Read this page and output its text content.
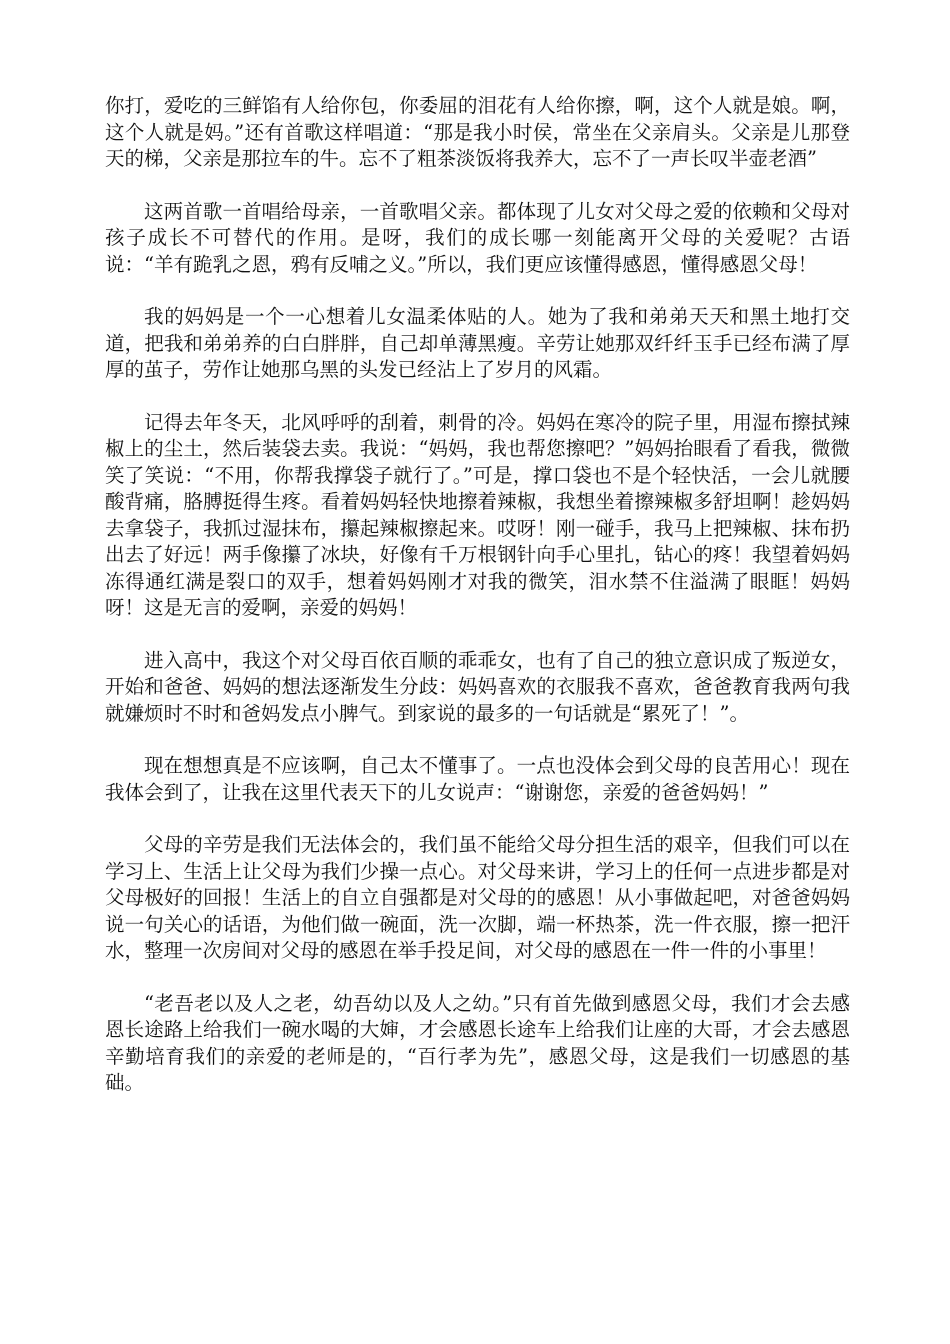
你打，爱吃的三鲜馅有人给你包，你委屈的泪花有人给你擦，啊，这个人就是娘。啊，这个人就是妈。”还有首歌这样唱道：“那是我小时侯，常坐在父亲肩头。父亲是儿那登天的梯，父亲是那拉车的牛。忘不了粗茶淡饭将我养大，忘不了一声长叹半壶老酒”

这两首歌一首唱给母亲，一首歌唱父亲。都体现了儿女对父母之爱的依赖和父母对孩子成长不可替代的作用。是呀，我们的成长哪一刻能离开父母的关爱呢？古语说：“羊有跪乳之恩，鸦有反哺之义。”所以，我们更应该懂得感恩，懂得感恩父母！

我的妈妈是一个一心想着儿女温柔体贴的人。她为了我和弟弟天天和黑土地打交道，把我和弟弟养的白白胖胖，自己却单薄黑瘦。辛劳让她那双纤纤玉手已经布满了厚厚的茧子，劳作让她那乌黑的头发已经沾上了岁月的风霜。

记得去年冬天，北风呼呼的刮着，刺骨的冷。妈妈在寒冷的院子里，用湿布擦拭辣椒上的尘土，然后装袋去卖。我说：“妈妈，我也帮您擦吧？”妈妈抬眼看了看我，微微笑了笑说：“不用，你帮我撑袋子就行了。”可是，撑口袋也不是个轻快活，一会儿就腰酸背痛，胳膊挺得生疼。看着妈妈轻快地擦着辣椒，我想坐着擦辣椒多舒坦啊！趁妈妈去拿袋子，我抓过湿抹布，攥起辣椒擦起来。哎呀！刚一碰手，我马上把辣椒、抹布扔出去了好远！两手像攥了冰块，好像有千万根钢针向手心里扎，钻心的疼！我望着妈妈冻得通红满是裂口的双手，想着妈妈刚才对我的微笑，泪水禁不住溢满了眼眶！妈妈呀！这是无言的爱啊，亲爱的妈妈！

进入高中，我这个对父母百依百顺的乖乖女，也有了自己的独立意识成了叛逆女，开始和爸爸、妈妈的想法逐渐发生分歧：妈妈喜欢的衣服我不喜欢，爸爸教育我两句我就嫌烦时不时和爸妈发点小脾气。到家说的最多的一句话就是“累死了！”。

现在想想真是不应该啊，自己太不懂事了。一点也没体会到父母的良苦用心！现在我体会到了，让我在这里代表天下的儿女说声：“谢谢您，亲爱的爸爸妈妈！”

父母的辛劳是我们无法体会的，我们虽不能给父母分担生活的艰辛，但我们可以在学习上、生活上让父母为我们少操一点心。对父母来讲，学习上的任何一点进步都是对父母极好的回报！生活上的自立自强都是对父母的的感恩！从小事做起吧，对爸爸妈妈说一句关心的话语，为他们做一碗面，洗一次脚，端一杯热茶，洗一件衣服，擦一把汗水，整理一次房间对父母的感恩在举手投足间，对父母的感恩在一件一件的小事里！

“老吾老以及人之老，幼吾幼以及人之幼。”只有首先做到感恩父母，我们才会去感恩长途路上给我们一碗水喝的大婶，才会感恩长途车上给我们让座的大哥，才会去感恩辛勤培育我们的亲爱的老师是的，“百行孝为先”，感恩父母，这是我们一切感恩的基础。
